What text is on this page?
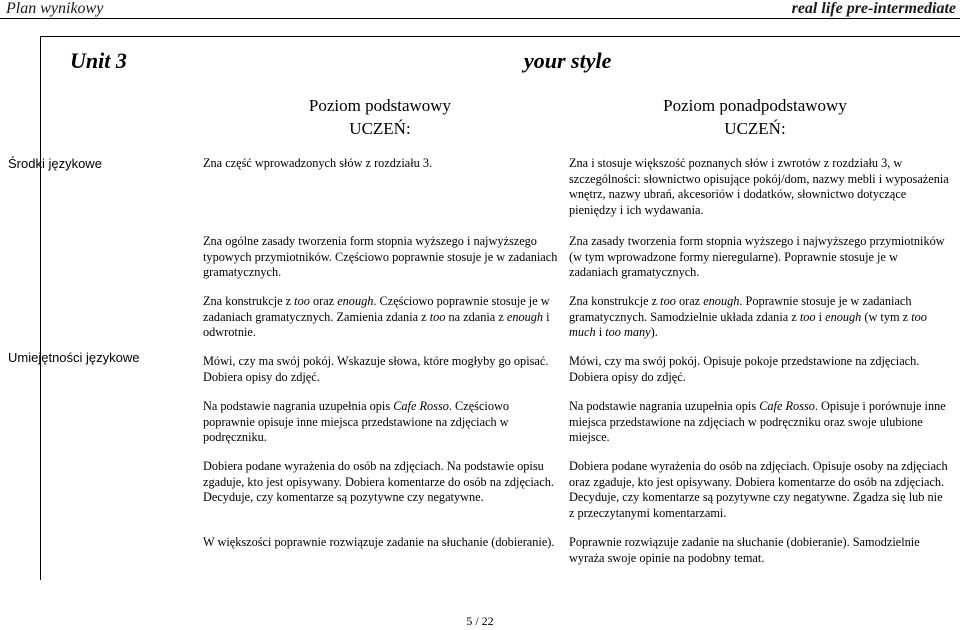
Plan wynikowy	real life pre-intermediate
Unit 3	your style
Poziom podstawowy
UCZEŃ:
Poziom ponadpodstawowy
UCZEŃ:
Środki językowe
Umiejętności językowe
Zna część wprowadzonych słów z rozdziału 3.
Zna ogólne zasady tworzenia form stopnia wyższego i najwyższego typowych przymiotników. Częściowo poprawnie stosuje je w zadaniach gramatycznych.
Zna konstrukcje z too oraz enough. Częściowo poprawnie stosuje je w zadaniach gramatycznych. Zamienia zdania z too na zdania z enough i odwrotnie.
Mówi, czy ma swój pokój. Wskazuje słowa, które mogłyby go opisać. Dobiera opisy do zdjęć.
Na podstawie nagrania uzupełnia opis Cafe Rosso. Częściowo poprawnie opisuje inne miejsca przedstawione na zdjęciach w podręczniku.
Dobiera podane wyrażenia do osób na zdjęciach. Na podstawie opisu zgaduje, kto jest opisywany. Dobiera komentarze do osób na zdjęciach. Decyduje, czy komentarze są pozytywne czy negatywne.
W większości poprawnie rozwiązuje zadanie na słuchanie (dobieranie).
Zna i stosuje większość poznanych słów i zwrotów z rozdziału 3, w szczególności: słownictwo opisujące pokój/dom, nazwy mebli i wyposażenia wnętrz, nazwy ubrań, akcesoriów i dodatków, słownictwo dotyczące pieniędzy i ich wydawania.
Zna zasady tworzenia form stopnia wyższego i najwyższego przymiotników (w tym wprowadzone formy nieregularne). Poprawnie stosuje je w zadaniach gramatycznych.
Zna konstrukcje z too oraz enough. Poprawnie stosuje je w zadaniach gramatycznych. Samodzielnie układa zdania z too i enough (w tym z too much i too many).
Mówi, czy ma swój pokój. Opisuje pokoje przedstawione na zdjęciach. Dobiera opisy do zdjęć.
Na podstawie nagrania uzupełnia opis Cafe Rosso. Opisuje i porównuje inne miejsca przedstawione na zdjęciach w podręczniku oraz swoje ulubione miejsce.
Dobiera podane wyrażenia do osób na zdjęciach. Opisuje osoby na zdjęciach oraz zgaduje, kto jest opisywany. Dobiera komentarze do osób na zdjęciach. Decyduje, czy komentarze są pozytywne czy negatywne. Zgadza się lub nie z przeczytanymi komentarzami.
Poprawnie rozwiązuje zadanie na słuchanie (dobieranie). Samodzielnie wyraża swoje opinie na podobny temat.
5 / 22
